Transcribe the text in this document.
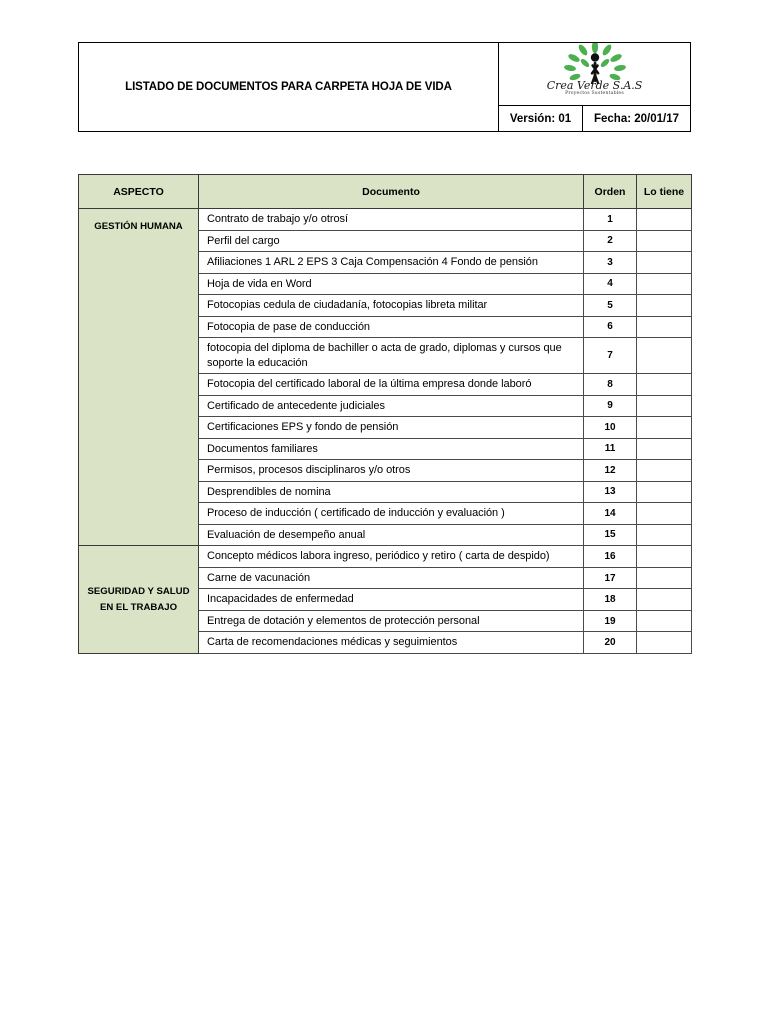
LISTADO DE DOCUMENTOS PARA CARPETA HOJA DE VIDA	Crea Verde S.A.S
Proyectos Sustentables
Versión: 01	Fecha: 20/01/17
ASPECTO	Documento	Orden	Lo tiene

GESTIÓN HUMANA	Contrato de trabajo y/o otrosí	1	
	Perfil del cargo	2	
	Afiliaciones 1 ARL 2 EPS 3 Caja Compensación 4 Fondo de pensión	3	
	Hoja de vida en Word	4	
	Fotocopias cedula de ciudadanía, fotocopias libreta militar	5	
	Fotocopia de pase de conducción	6	
	fotocopia del diploma de bachiller o acta de grado, diplomas y cursos que soporte la educación	7	
	Fotocopia del certificado laboral de la última empresa donde laboró	8	
	Certificado de antecedente judiciales	9	
	Certificaciones EPS y fondo de pensión	10	
	Documentos familiares	11	
	Permisos, procesos disciplinaros y/o otros	12	
	Desprendibles de nomina	13	
	Proceso de inducción ( certificado de inducción y evaluación )	14	
	Evaluación de desempeño anual	15	

SEGURIDAD Y SALUD
EN EL TRABAJO	Concepto médicos labora ingreso, periódico y retiro ( carta de despido)	16	
	Carne de vacunación	17	
	Incapacidades de enfermedad	18	
	Entrega de dotación y elementos de protección personal	19	
	Carta de recomendaciones médicas y seguimientos	20	
